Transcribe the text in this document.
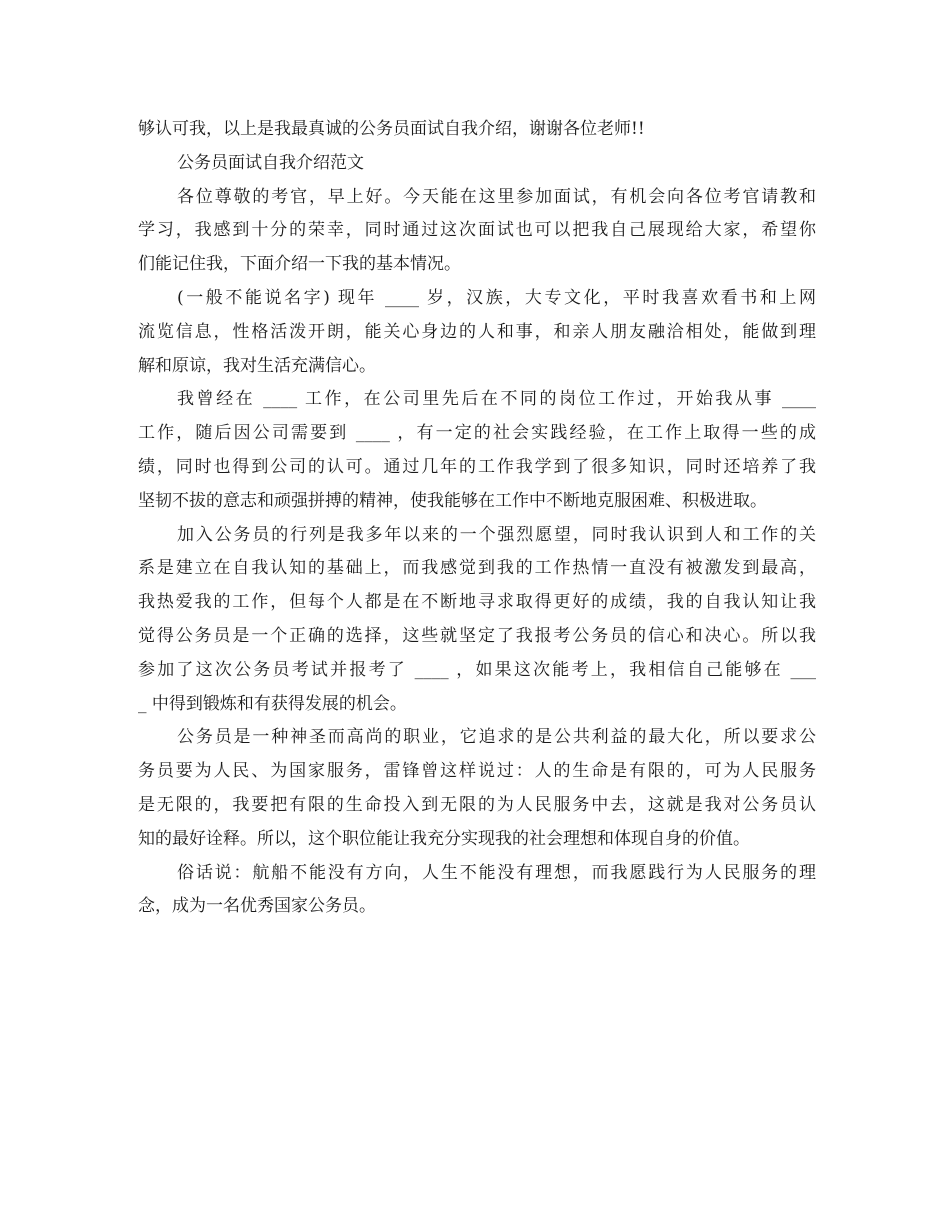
够认可我，以上是我最真诚的公务员面试自我介绍，谢谢各位老师!!
公务员面试自我介绍范文
各位尊敬的考官，早上好。今天能在这里参加面试，有机会向各位考官请教和
学习，我感到十分的荣幸，同时通过这次面试也可以把我自己展现给大家，希望你
们能记住我，下面介绍一下我的基本情况。
(一般不能说名字) 现年 ____ 岁，汉族，大专文化，平时我喜欢看书和上网
流览信息，性格活泼开朗，能关心身边的人和事，和亲人朋友融洽相处，能做到理
解和原谅，我对生活充满信心。
我曾经在 ____ 工作，在公司里先后在不同的岗位工作过，开始我从事 ____
工作，随后因公司需要到 ____ ，有一定的社会实践经验，在工作上取得一些的成
绩，同时也得到公司的认可。通过几年的工作我学到了很多知识，同时还培养了我
坚韧不拔的意志和顽强拼搏的精神，使我能够在工作中不断地克服困难、积极进取。
加入公务员的行列是我多年以来的一个强烈愿望，同时我认识到人和工作的关
系是建立在自我认知的基础上，而我感觉到我的工作热情一直没有被激发到最高，
我热爱我的工作，但每个人都是在不断地寻求取得更好的成绩，我的自我认知让我
觉得公务员是一个正确的选择，这些就坚定了我报考公务员的信心和决心。所以我
参加了这次公务员考试并报考了 ____ ，如果这次能考上，我相信自己能够在 ___
_ 中得到锻炼和有获得发展的机会。
公务员是一种神圣而高尚的职业，它追求的是公共利益的最大化，所以要求公
务员要为人民、为国家服务，雷锋曾这样说过：人的生命是有限的，可为人民服务
是无限的，我要把有限的生命投入到无限的为人民服务中去，这就是我对公务员认
知的最好诠释。所以，这个职位能让我充分实现我的社会理想和体现自身的价值。
俗话说：航船不能没有方向，人生不能没有理想，而我愿践行为人民服务的理
念，成为一名优秀国家公务员。
